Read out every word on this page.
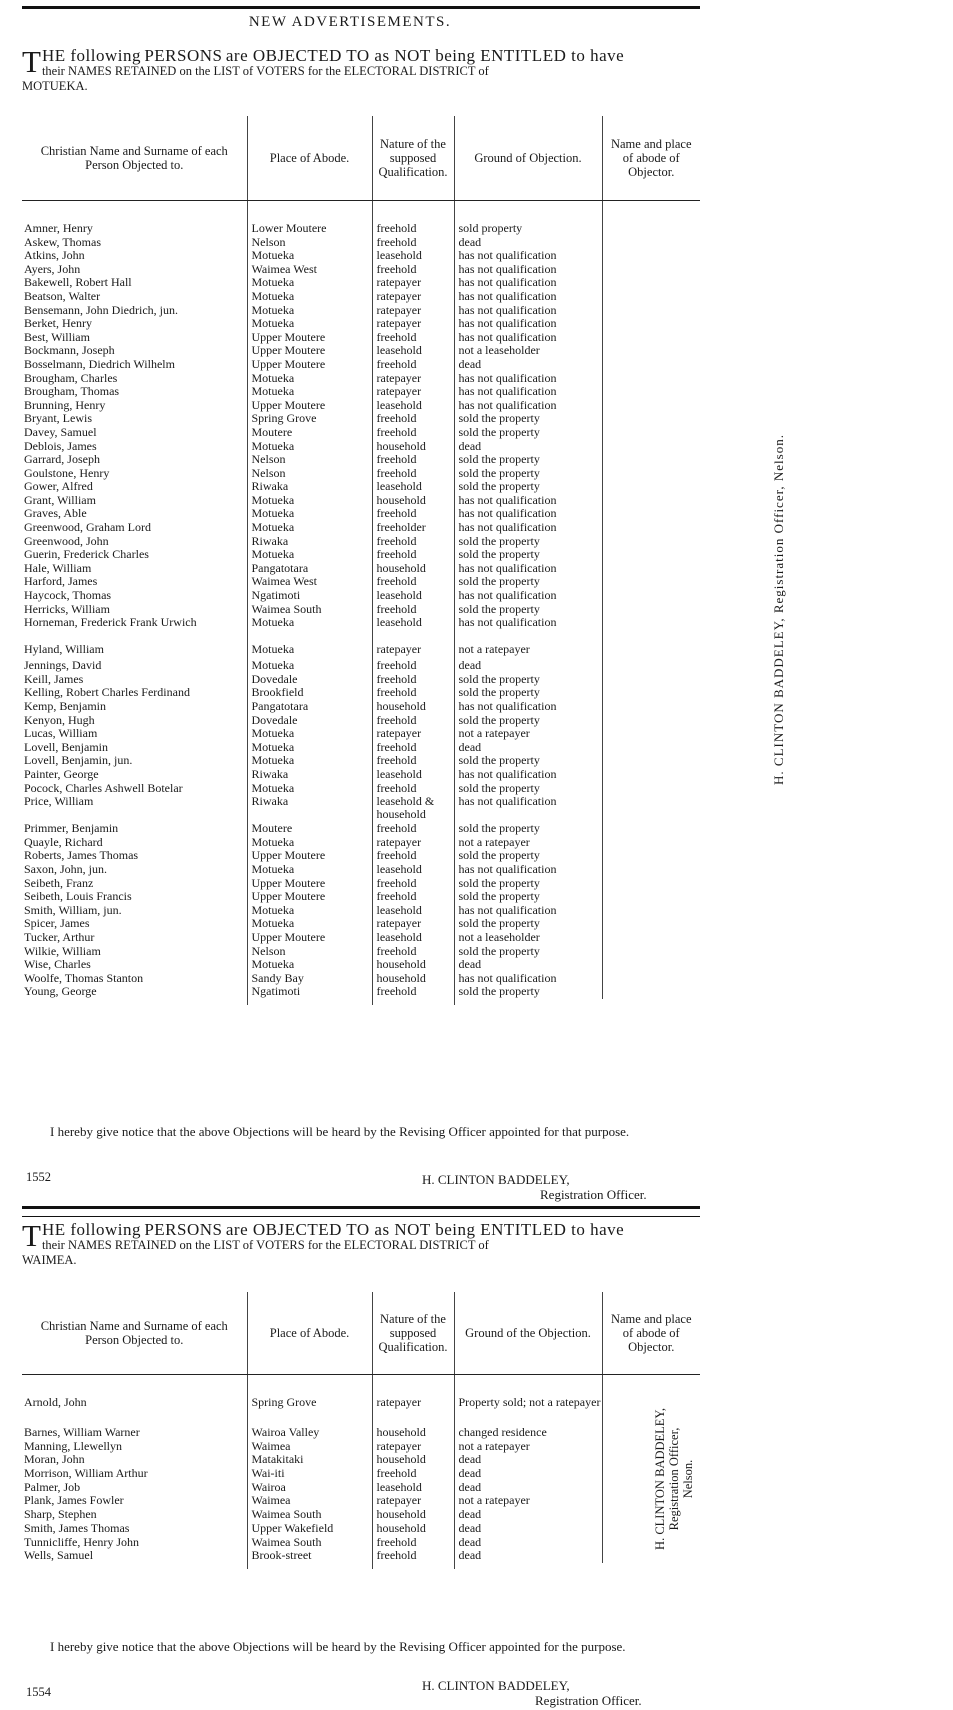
NEW ADVERTISEMENTS.
T HE following PERSONS are OBJECTED TO as NOT being ENTITLED to have
their NAMES RETAINED on the LIST of VOTERS for the ELECTORAL DISTRICT of
MOTUEKA.
Christian Name and Surname of each Person Objected to.	Place of Abode.	Nature of the supposed Qualification.	Ground of Objection.	Name and place of abode of Objector.

Amner, Henry	Lower Moutere	freehold	sold property	H. CLINTON BADDELEY, Registration Officer, Nelson.
Askew, Thomas	Nelson	freehold	dead	
Atkins, John	Motueka	leasehold	has not qualification	
Ayers, John	Waimea West	freehold	has not qualification	
Bakewell, Robert Hall	Motueka	ratepayer	has not qualification	
Beatson, Walter	Motueka	ratepayer	has not qualification	
Bensemann, John Diedrich, jun.	Motueka	ratepayer	has not qualification	
Berket, Henry	Motueka	ratepayer	has not qualification	
Best, William	Upper Moutere	freehold	has not qualification	
Bockmann, Joseph	Upper Moutere	leasehold	not a leaseholder	
Bosselmann, Diedrich Wilhelm	Upper Moutere	freehold	dead	
Brougham, Charles	Motueka	ratepayer	has not qualification	
Brougham, Thomas	Motueka	ratepayer	has not qualification	
Brunning, Henry	Upper Moutere	leasehold	has not qualification	
Bryant, Lewis	Spring Grove	freehold	sold the property	
Davey, Samuel	Moutere	freehold	sold the property	
Deblois, James	Motueka	household	dead	
Garrard, Joseph	Nelson	freehold	sold the property	
Goulstone, Henry	Nelson	freehold	sold the property	
Gower, Alfred	Riwaka	leasehold	sold the property	
Grant, William	Motueka	household	has not qualification	
Graves, Able	Motueka	freehold	has not qualification	
Greenwood, Graham Lord	Motueka	freeholder	has not qualification	
Greenwood, John	Riwaka	freehold	sold the property	
Guerin, Frederick Charles	Motueka	freehold	sold the property	
Hale, William	Pangatotara	household	has not qualification	
Harford, James	Waimea West	freehold	sold the property	
Haycock, Thomas	Ngatimoti	leasehold	has not qualification	
Herricks, William	Waimea South	freehold	sold the property	
Horneman, Frederick Frank Urwich	Motueka	leasehold	has not qualification	
Hyland, William	Motueka	ratepayer	not a ratepayer	
Jennings, David	Motueka	freehold	dead	
Keill, James	Dovedale	freehold	sold the property	
Kelling, Robert Charles Ferdinand	Brookfield	freehold	sold the property	
Kemp, Benjamin	Pangatotara	household	has not qualification	
Kenyon, Hugh	Dovedale	freehold	sold the property	
Lucas, William	Motueka	ratepayer	not a ratepayer	
Lovell, Benjamin	Motueka	freehold	dead	
Lovell, Benjamin, jun.	Motueka	freehold	sold the property	
Painter, George	Riwaka	leasehold	has not qualification	
Pocock, Charles Ashwell Botelar	Motueka	freehold	sold the property	
Price, William	Riwaka	leasehold & household	has not qualification	
Primmer, Benjamin	Moutere	freehold	sold the property	
Quayle, Richard	Motueka	ratepayer	not a ratepayer	
Roberts, James Thomas	Upper Moutere	freehold	sold the property	
Saxon, John, jun.	Motueka	leasehold	has not qualification	
Seibeth, Franz	Upper Moutere	freehold	sold the property	
Seibeth, Louis Francis	Upper Moutere	freehold	sold the property	
Smith, William, jun.	Motueka	leasehold	has not qualification	
Spicer, James	Motueka	ratepayer	sold the property	
Tucker, Arthur	Upper Moutere	leasehold	not a leaseholder	
Wilkie, William	Nelson	freehold	sold the property	
Wise, Charles	Motueka	household	dead	
Woolfe, Thomas Stanton	Sandy Bay	household	has not qualification	
Young, George	Ngatimoti	freehold	sold the property	

I hereby give notice that the above Objections will be heard by the Revising Officer appointed for that purpose.
1552	H. CLINTON BADDELEY,
Registration Officer.
T HE following PERSONS are OBJECTED TO as NOT being ENTITLED to have
their NAMES RETAINED on the LIST of VOTERS for the ELECTORAL DISTRICT of
WAIMEA.
Christian Name and Surname of each Person Objected to.	Place of Abode.	Nature of the supposed Qualification.	Ground of the Objection.	Name and place of abode of Objector.

Arnold, John	Spring Grove	ratepayer	Property sold; not a ratepayer	H. CLINTON BADDELEY, Registration Officer, Nelson.

Barnes, William Warner	Wairoa Valley	household	changed residence	
Manning, Llewellyn	Waimea	ratepayer	not a ratepayer	
Moran, John	Matakitaki	household	dead	
Morrison, William Arthur	Wai-iti	freehold	dead	
Palmer, Job	Wairoa	leasehold	dead	
Plank, James Fowler	Waimea	ratepayer	not a ratepayer	
Sharp, Stephen	Waimea South	household	dead	
Smith, James Thomas	Upper Wakefield	household	dead	
Tunnicliffe, Henry John	Waimea South	freehold	dead	
Wells, Samuel	Brook-street	freehold	dead	

I hereby give notice that the above Objections will be heard by the Revising Officer appointed for the purpose.
1554	H. CLINTON BADDELEY,
Registration Officer.
